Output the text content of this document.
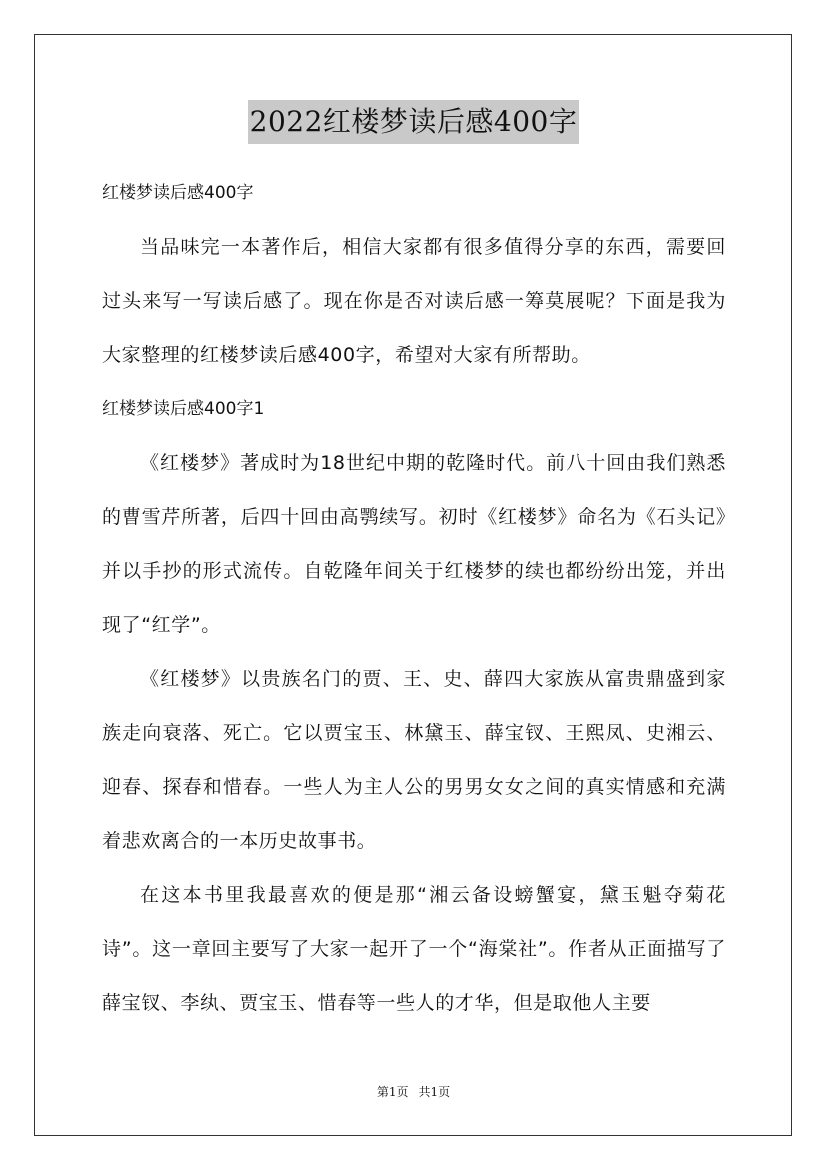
2022红楼梦读后感400字

红楼梦读后感400字

当品味完一本著作后，相信大家都有很多值得分享的东西，需要回过头来写一写读后感了。现在你是否对读后感一筹莫展呢？下面是我为大家整理的红楼梦读后感400字，希望对大家有所帮助。

红楼梦读后感400字1

《红楼梦》著成时为18世纪中期的乾隆时代。前八十回由我们熟悉的曹雪芹所著，后四十回由高鹗续写。初时《红楼梦》命名为《石头记》并以手抄的形式流传。自乾隆年间关于红楼梦的续也都纷纷出笼，并出现了“红学”。

《红楼梦》以贵族名门的贾、王、史、薛四大家族从富贵鼎盛到家族走向衰落、死亡。它以贾宝玉、林黛玉、薛宝钗、王熙凤、史湘云、迎春、探春和惜春。一些人为主人公的男男女女之间的真实情感和充满着悲欢离合的一本历史故事书。

在这本书里我最喜欢的便是那“湘云备设螃蟹宴，黛玉魁夺菊花诗”。这一章回主要写了大家一起开了一个“海棠社”。作者从正面描写了薛宝钗、李纨、贾宝玉、惜春等一些人的才华，但是取他人主要

第1页 共1页
